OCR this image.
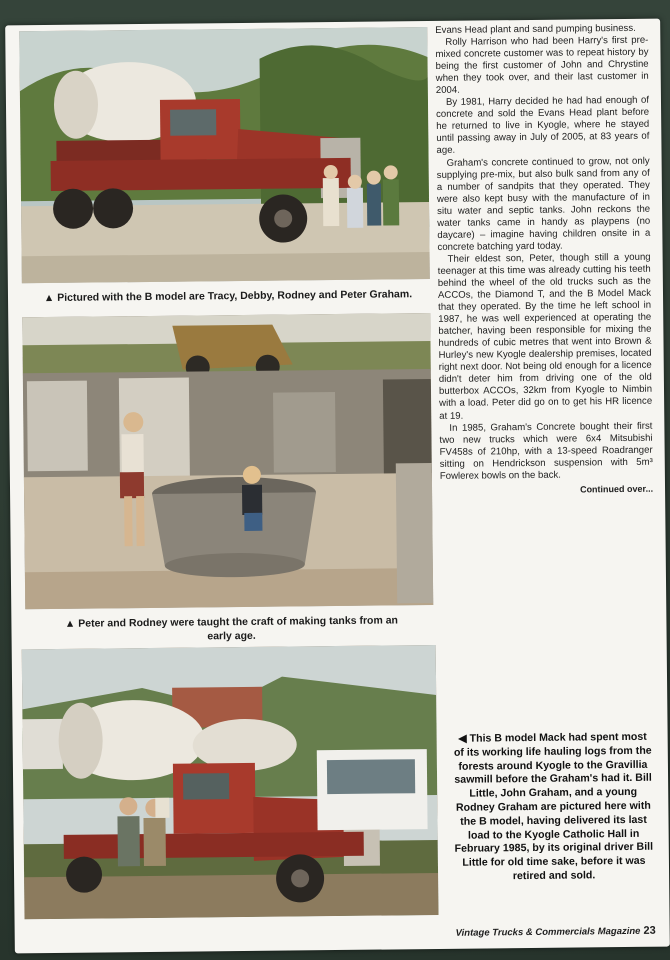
▲ Pictured with the B model are Tracy, Debby, Rodney and Peter Graham.
▲ Peter and Rodney were taught the craft of making tanks from an
early age.

Evans Head plant and sand pumping business.

Rolly Harrison who had been Harry's first pre-mixed concrete customer was to repeat history by being the first customer of John and Chrystine when they took over, and their last customer in 2004.

By 1981, Harry decided he had had enough of concrete and sold the Evans Head plant before he returned to live in Kyogle, where he stayed until passing away in July of 2005, at 83 years of age.

Graham's concrete continued to grow, not only supplying pre-mix, but also bulk sand from any of a number of sandpits that they operated. They were also kept busy with the manufacture of in situ water and septic tanks. John reckons the water tanks came in handy as playpens (no daycare) – imagine having children onsite in a concrete batching yard today.

Their eldest son, Peter, though still a young teenager at this time was already cutting his teeth behind the wheel of the old trucks such as the ACCOs, the Diamond T, and the B Model Mack that they operated. By the time he left school in 1987, he was well experienced at operating the batcher, having been responsible for mixing the hundreds of cubic metres that went into Brown & Hurley's new Kyogle dealership premises, located right next door. Not being old enough for a licence didn't deter him from driving one of the old butterbox ACCOs, 32km from Kyogle to Nimbin with a load. Peter did go on to get his HR licence at 19.

In 1985, Graham's Concrete bought their first two new trucks which were 6x4 Mitsubishi FV458s of 210hp, with a 13-speed Roadranger sitting on Hendrickson suspension with 5m³ Fowlerex bowls on the back.

Continued over...
◀ This B model Mack had spent most of its working life hauling logs from the forests around Kyogle to the Gravillia sawmill before the Graham's had it. Bill Little, John Graham, and a young Rodney Graham are pictured here with the B model, having delivered its last load to the Kyogle Catholic Hall in February 1985, by its original driver Bill Little for old time sake, before it was retired and sold.
Vintage Trucks & Commercials Magazine 23
